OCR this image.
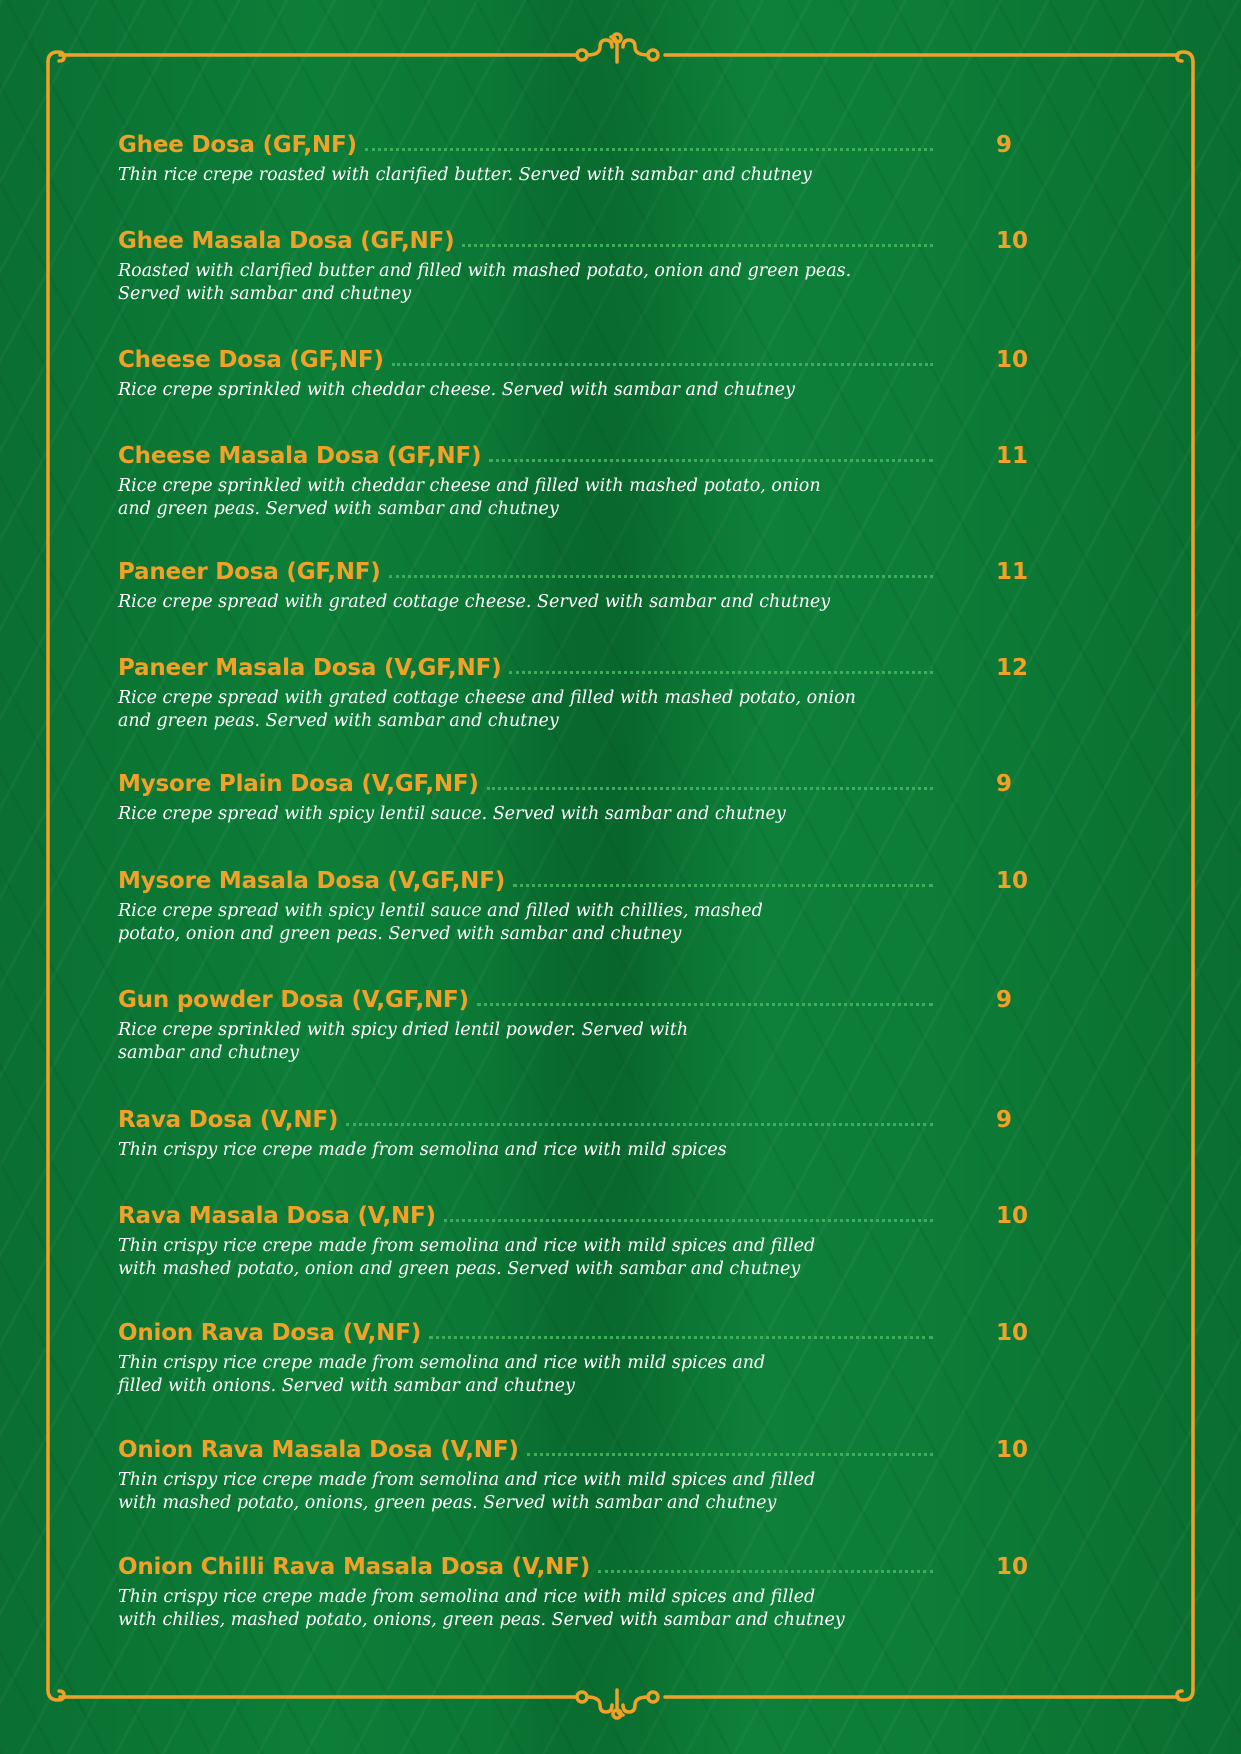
Ghee Dosa (GF,NF)	9
Thin rice crepe roasted with clarified butter. Served with sambar and chutney
Ghee Masala Dosa (GF,NF)	10
Roasted with clarified butter and filled with mashed potato, onion and green peas.
Served with sambar and chutney
Cheese Dosa (GF,NF)	10
Rice crepe sprinkled with cheddar cheese. Served with sambar and chutney
Cheese Masala Dosa (GF,NF)	11
Rice crepe sprinkled with cheddar cheese and filled with mashed potato, onion
and green peas. Served with sambar and chutney
Paneer Dosa (GF,NF)	11
Rice crepe spread with grated cottage cheese. Served with sambar and chutney
Paneer Masala Dosa (V,GF,NF)	12
Rice crepe spread with grated cottage cheese and filled with mashed potato, onion
and green peas. Served with sambar and chutney
Mysore Plain Dosa (V,GF,NF)	9
Rice crepe spread with spicy lentil sauce. Served with sambar and chutney
Mysore Masala Dosa (V,GF,NF)	10
Rice crepe spread with spicy lentil sauce and filled with chillies, mashed
potato, onion and green peas. Served with sambar and chutney
Gun powder Dosa (V,GF,NF)	9
Rice crepe sprinkled with spicy dried lentil powder. Served with
sambar and chutney
Rava Dosa (V,NF)	9
Thin crispy rice crepe made from semolina and rice with mild spices
Rava Masala Dosa (V,NF)	10
Thin crispy rice crepe made from semolina and rice with mild spices and filled
with mashed potato, onion and green peas. Served with sambar and chutney
Onion Rava Dosa (V,NF)	10
Thin crispy rice crepe made from semolina and rice with mild spices and
filled with onions. Served with sambar and chutney
Onion Rava Masala Dosa (V,NF)	10
Thin crispy rice crepe made from semolina and rice with mild spices and filled
with mashed potato, onions, green peas. Served with sambar and chutney
Onion Chilli Rava Masala Dosa (V,NF)	10
Thin crispy rice crepe made from semolina and rice with mild spices and filled
with chilies, mashed potato, onions, green peas. Served with sambar and chutney
